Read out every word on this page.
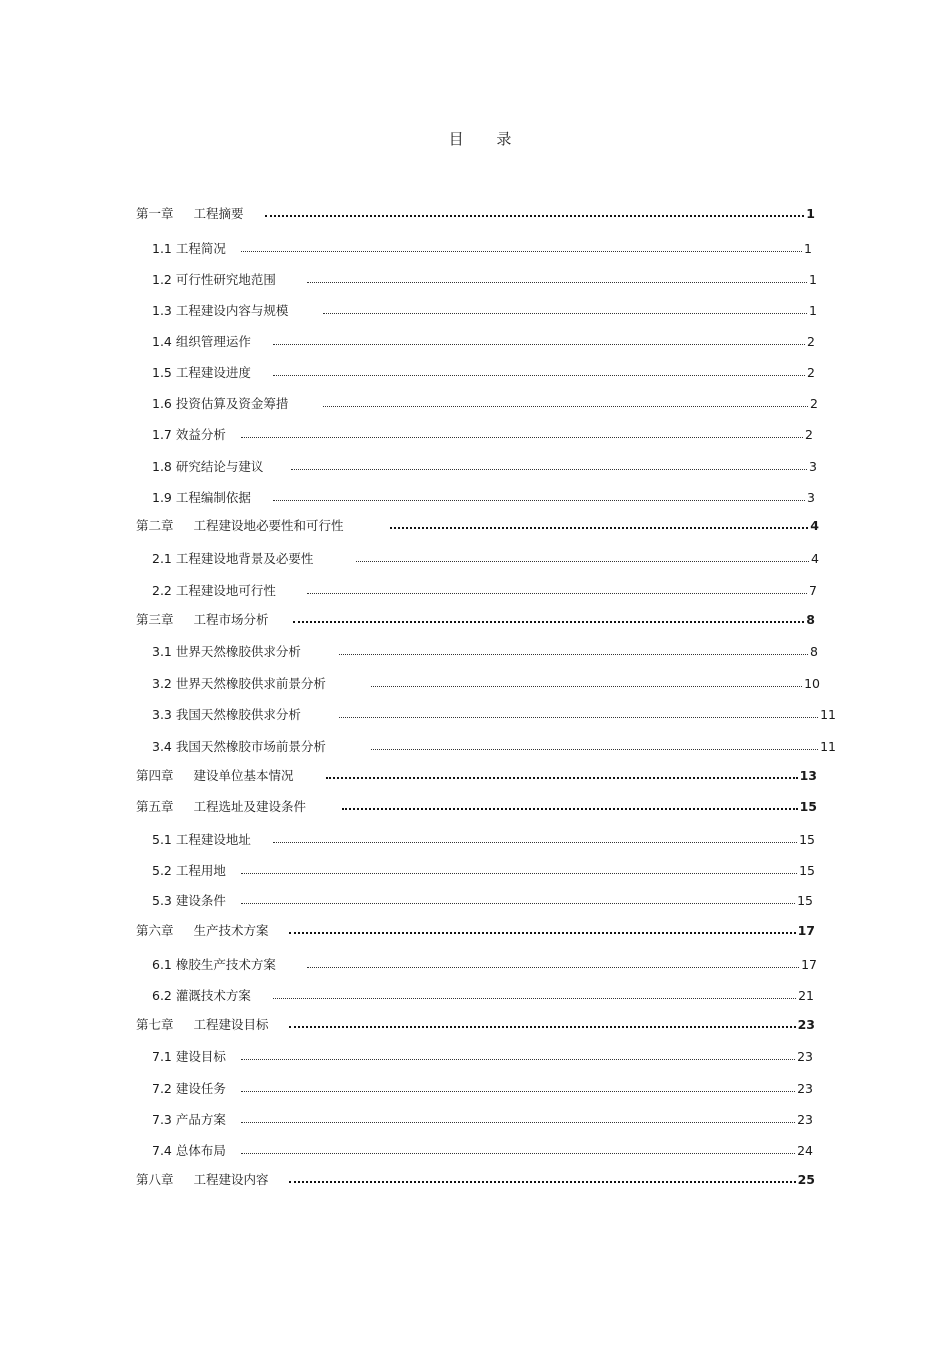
目 录
第一章 工程摘要	1
1.1 工程简况	1
1.2 可行性研究地范围	1
1.3 工程建设内容与规模	1
1.4 组织管理运作	2
1.5 工程建设进度	2
1.6 投资估算及资金筹措	2
1.7 效益分析	2
1.8 研究结论与建议	3
1.9 工程编制依据	3
第二章 工程建设地必要性和可行性	4
2.1 工程建设地背景及必要性	4
2.2 工程建设地可行性	7
第三章 工程市场分析	8
3.1 世界天然橡胶供求分析	8
3.2 世界天然橡胶供求前景分析	10
3.3 我国天然橡胶供求分析	11
3.4 我国天然橡胶市场前景分析	11
第四章 建设单位基本情况	13
第五章 工程选址及建设条件	15
5.1 工程建设地址	15
5.2 工程用地	15
5.3 建设条件	15
第六章 生产技术方案	17
6.1 橡胶生产技术方案	17
6.2 灌溉技术方案	21
第七章 工程建设目标	23
7.1 建设目标	23
7.2 建设任务	23
7.3 产品方案	23
7.4 总体布局	24
第八章 工程建设内容	25
